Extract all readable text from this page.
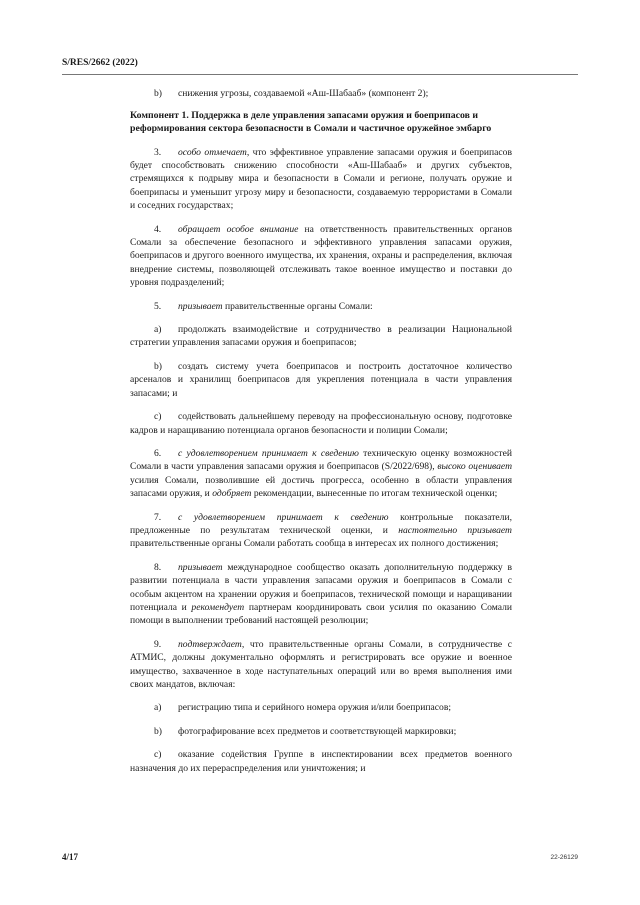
S/RES/2662 (2022)

b) снижения угрозы, создаваемой «Аш-Шабааб» (компонент 2);

Компонент 1. Поддержка в деле управления запасами оружия и боеприпасов и реформирования сектора безопасности в Сомали и частичное оружейное эмбарго

3. особо отмечает, что эффективное управление запасами оружия и боеприпасов будет способствовать снижению способности «Аш-Шабааб» и других субъектов, стремящихся к подрыву мира и безопасности в Сомали и регионе, получать оружие и боеприпасы и уменьшит угрозу миру и безопасности, создаваемую террористами в Сомали и соседних государствах;

4. обращает особое внимание на ответственность правительственных органов Сомали за обеспечение безопасного и эффективного управления запасами оружия, боеприпасов и другого военного имущества, их хранения, охраны и распределения, включая внедрение системы, позволяющей отслеживать такое военное имущество и поставки до уровня подразделений;

5. призывает правительственные органы Сомали:

a) продолжать взаимодействие и сотрудничество в реализации Национальной стратегии управления запасами оружия и боеприпасов;

b) создать систему учета боеприпасов и построить достаточное количество арсеналов и хранилищ боеприпасов для укрепления потенциала в части управления запасами; и

c) содействовать дальнейшему переводу на профессиональную основу, подготовке кадров и наращиванию потенциала органов безопасности и полиции Сомали;

6. с удовлетворением принимает к сведению техническую оценку возможностей Сомали в части управления запасами оружия и боеприпасов (S/2022/698), высоко оценивает усилия Сомали, позволившие ей достичь прогресса, особенно в области управления запасами оружия, и одобряет рекомендации, вынесенные по итогам технической оценки;

7. с удовлетворением принимает к сведению контрольные показатели, предложенные по результатам технической оценки, и настоятельно призывает правительственные органы Сомали работать сообща в интересах их полного достижения;

8. призывает международное сообщество оказать дополнительную поддержку в развитии потенциала в части управления запасами оружия и боеприпасов в Сомали с особым акцентом на хранении оружия и боеприпасов, технической помощи и наращивании потенциала и рекомендует партнерам координировать свои усилия по оказанию Сомали помощи в выполнении требований настоящей резолюции;

9. подтверждает, что правительственные органы Сомали, в сотрудничестве с АТМИС, должны документально оформлять и регистрировать все оружие и военное имущество, захваченное в ходе наступательных операций или во время выполнения ими своих мандатов, включая:

a) регистрацию типа и серийного номера оружия и/или боеприпасов;

b) фотографирование всех предметов и соответствующей маркировки;

c) оказание содействия Группе в инспектировании всех предметов военного назначения до их перераспределения или уничтожения; и

4/17	22-26129
